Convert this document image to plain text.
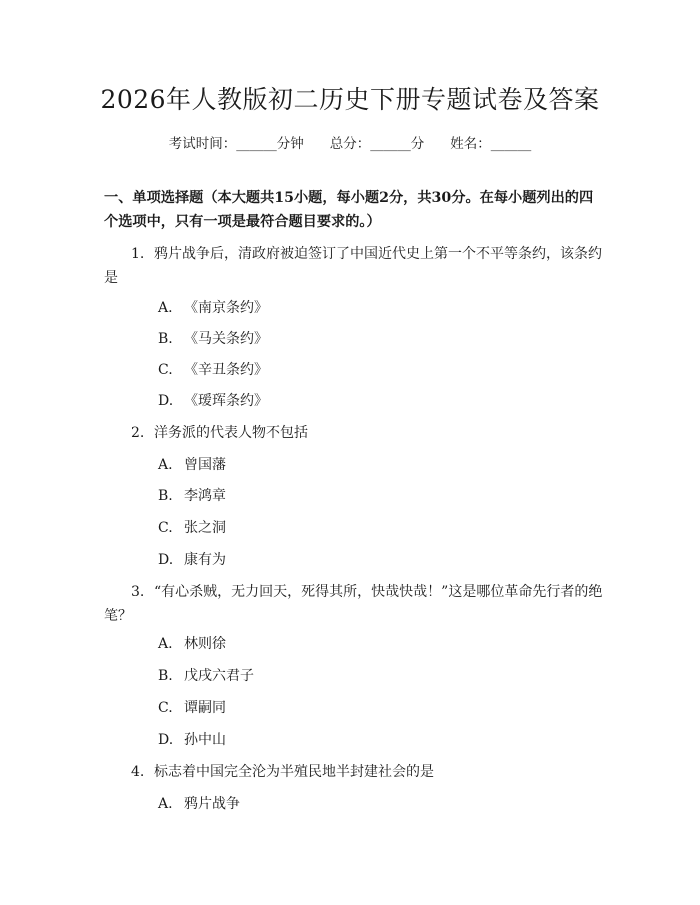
2026年人教版初二历史下册专题试卷及答案
考试时间：______分钟 总分：______分 姓名：______
一、单项选择题（本大题共15小题，每小题2分，共30分。在每小题列出的四个选项中，只有一项是最符合题目要求的。）
1. 鸦片战争后，清政府被迫签订了中国近代史上第一个不平等条约，该条约是
A. 《南京条约》
B. 《马关条约》
C. 《辛丑条约》
D. 《瑷珲条约》
2. 洋务派的代表人物不包括
A. 曾国藩
B. 李鸿章
C. 张之洞
D. 康有为
3. “有心杀贼，无力回天，死得其所，快哉快哉！”这是哪位革命先行者的绝笔？
A. 林则徐
B. 戊戌六君子
C. 谭嗣同
D. 孙中山
4. 标志着中国完全沦为半殖民地半封建社会的是
A. 鸦片战争
